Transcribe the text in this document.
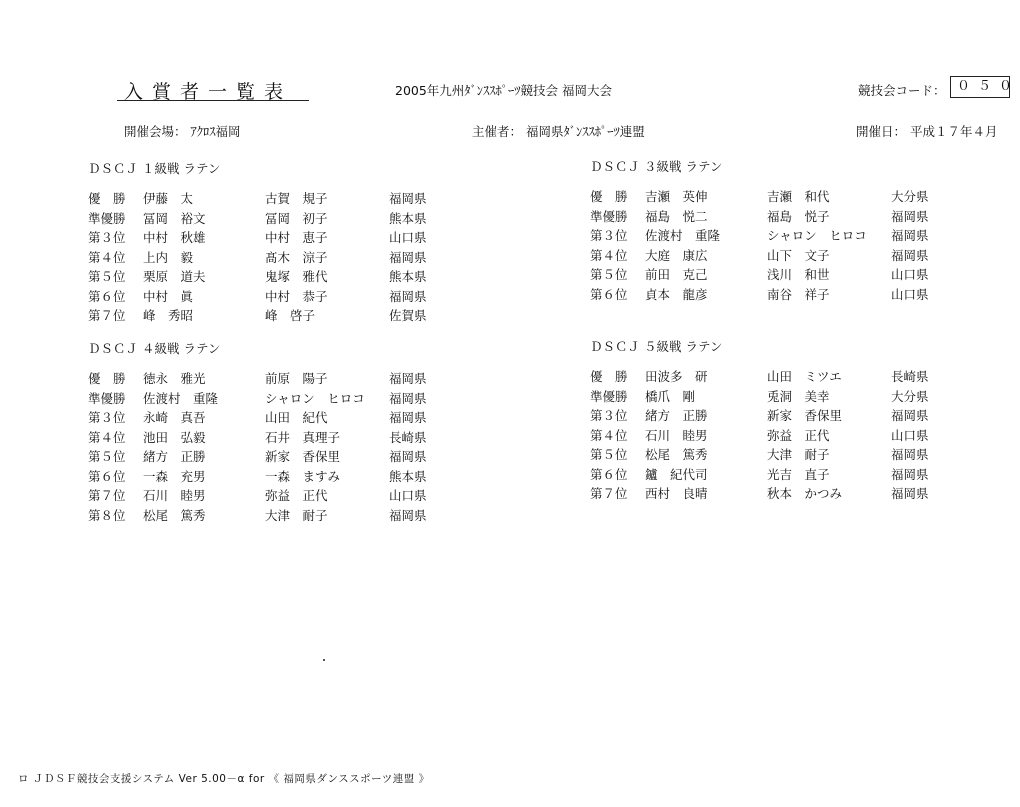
入賞者一覧表	2005年九州ﾀﾞﾝｽｽﾎﾟｰﾂ競技会 福岡大会	競技会コード： ０５０
開催会場： ｱｸﾛｽ福岡	主催者： 福岡県ﾀﾞﾝｽｽﾎﾟｰﾂ連盟	開催日： 平成１７年４月
ＤＳＣＪ １級戦 ラテン
優　勝 伊藤　太	古賀　規子	福岡県
準優勝 冨岡　裕文	冨岡　初子	熊本県
第３位 中村　秋雄	中村　恵子	山口県
第４位 上内　毅	髙木　涼子	福岡県
第５位 栗原　道夫	鬼塚　雅代	熊本県
第６位 中村　眞	中村　恭子	福岡県
第７位 峰　秀昭	峰　啓子	佐賀県
ＤＳＣＪ ３級戦 ラテン
優　勝 吉瀬　英伸	吉瀬　和代	大分県
準優勝 福島　悦二	福島　悦子	福岡県
第３位 佐渡村　重隆	シャロン　ヒロコ 福岡県
第４位 大庭　康広	山下　文子	福岡県
第５位 前田　克己	浅川　和世	山口県
第６位 貞本　龍彦	南谷　祥子	山口県
ＤＳＣＪ ４級戦 ラテン
優　勝 徳永　雅光	前原　陽子	福岡県
準優勝 佐渡村　重隆	シャロン　ヒロコ 福岡県
第３位 永崎　真吾	山田　紀代	福岡県
第４位 池田　弘毅	石井　真理子	長崎県
第５位 緒方　正勝	新家　香保里	福岡県
第６位 一森　充男	一森　ますみ	熊本県
第７位 石川　睦男	弥益　正代	山口県
第８位 松尾　篤秀	大津　耐子	福岡県
ＤＳＣＪ ５級戦 ラテン
優　勝 田波多　研	山田　ミツエ	長崎県
準優勝 橋爪　剛	兎洞　美幸	大分県
第３位 緒方　正勝	新家　香保里	福岡県
第４位 石川　睦男	弥益　正代	山口県
第５位 松尾　篤秀	大津　耐子	福岡県
第６位 鑪　紀代司	光吉　直子	福岡県
第７位 西村　良晴	秋本　かつみ	福岡県
ロ ＪＤＳＦ競技会支援システム Ver 5.00－α for 《 福岡県ダンススポーツ連盟 》
